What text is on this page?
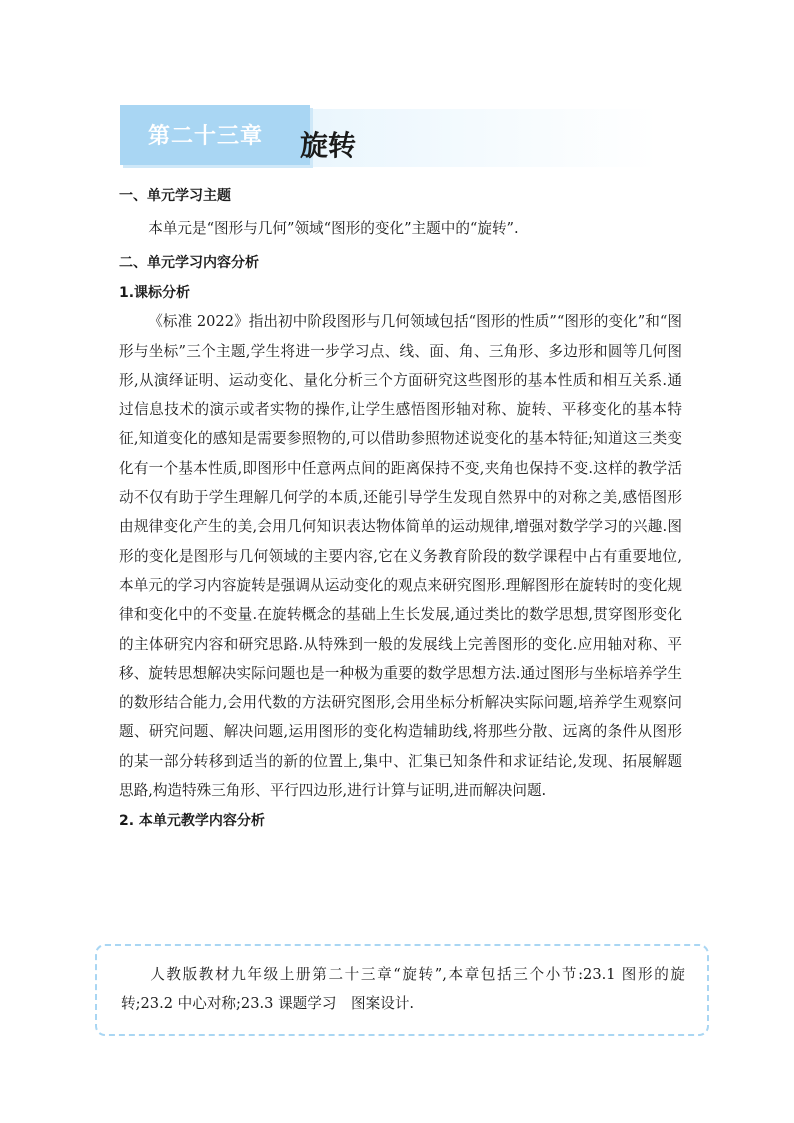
第二十三章 旋转

一、单元学习主题

本单元是“图形与几何”领域“图形的变化”主题中的“旋转”.

二、单元学习内容分析

1.课标分析

《标准 2022》指出初中阶段图形与几何领域包括“图形的性质”“图形的变化”和“图形与坐标”三个主题,学生将进一步学习点、线、面、角、三角形、多边形和圆等几何图形,从演绎证明、运动变化、量化分析三个方面研究这些图形的基本性质和相互关系.通过信息技术的演示或者实物的操作,让学生感悟图形轴对称、旋转、平移变化的基本特征,知道变化的感知是需要参照物的,可以借助参照物述说变化的基本特征;知道这三类变化有一个基本性质,即图形中任意两点间的距离保持不变,夹角也保持不变.这样的教学活动不仅有助于学生理解几何学的本质,还能引导学生发现自然界中的对称之美,感悟图形由规律变化产生的美,会用几何知识表达物体简单的运动规律,增强对数学学习的兴趣.图形的变化是图形与几何领域的主要内容,它在义务教育阶段的数学课程中占有重要地位,本单元的学习内容旋转是强调从运动变化的观点来研究图形.理解图形在旋转时的变化规律和变化中的不变量.在旋转概念的基础上生长发展,通过类比的数学思想,贯穿图形变化的主体研究内容和研究思路.从特殊到一般的发展线上完善图形的变化.应用轴对称、平移、旋转思想解决实际问题也是一种极为重要的数学思想方法.通过图形与坐标培养学生的数形结合能力,会用代数的方法研究图形,会用坐标分析解决实际问题,培养学生观察问题、研究问题、解决问题,运用图形的变化构造辅助线,将那些分散、远离的条件从图形的某一部分转移到适当的新的位置上,集中、汇集已知条件和求证结论,发现、拓展解题思路,构造特殊三角形、平行四边形,进行计算与证明,进而解决问题.

2. 本单元教学内容分析

人教版教材九年级上册第二十三章“旋转”,本章包括三个小节:23.1 图形的旋转;23.2 中心对称;23.3 课题学习　图案设计.
